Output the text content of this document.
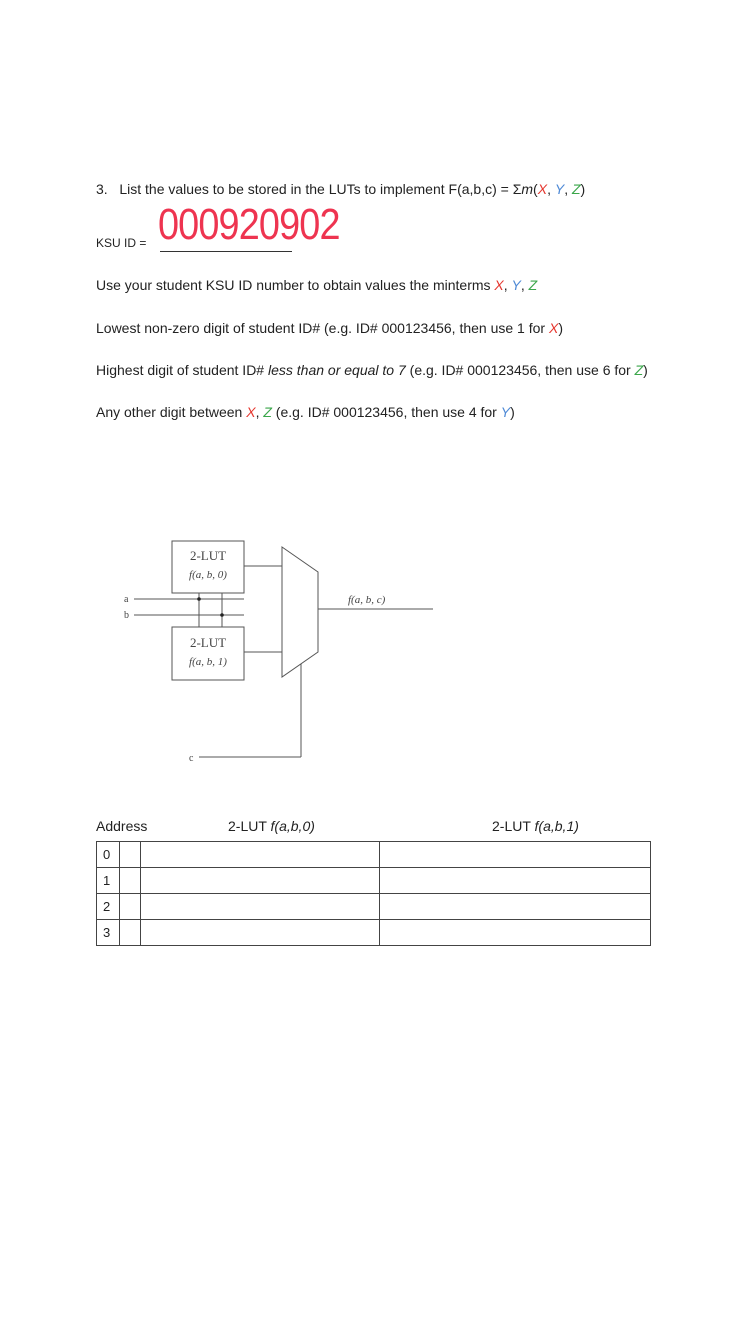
3. List the values to be stored in the LUTs to implement F(a,b,c) = Σm(X, Y, Z)
KSU ID = 000920902
Use your student KSU ID number to obtain values the minterms X, Y, Z
Lowest non-zero digit of student ID# (e.g. ID# 000123456, then use 1 for X)
Highest digit of student ID# less than or equal to 7 (e.g. ID# 000123456, then use 6 for Z)
Any other digit between X, Z (e.g. ID# 000123456, then use 4 for Y)
2-LUT
f(a, b, 0)
2-LUT
f(a, b, 1)
a
b
c
f(a, b, c)
Address	2-LUT f(a,b,0)	2-LUT f(a,b,1)
0		
1		
2		
3		
